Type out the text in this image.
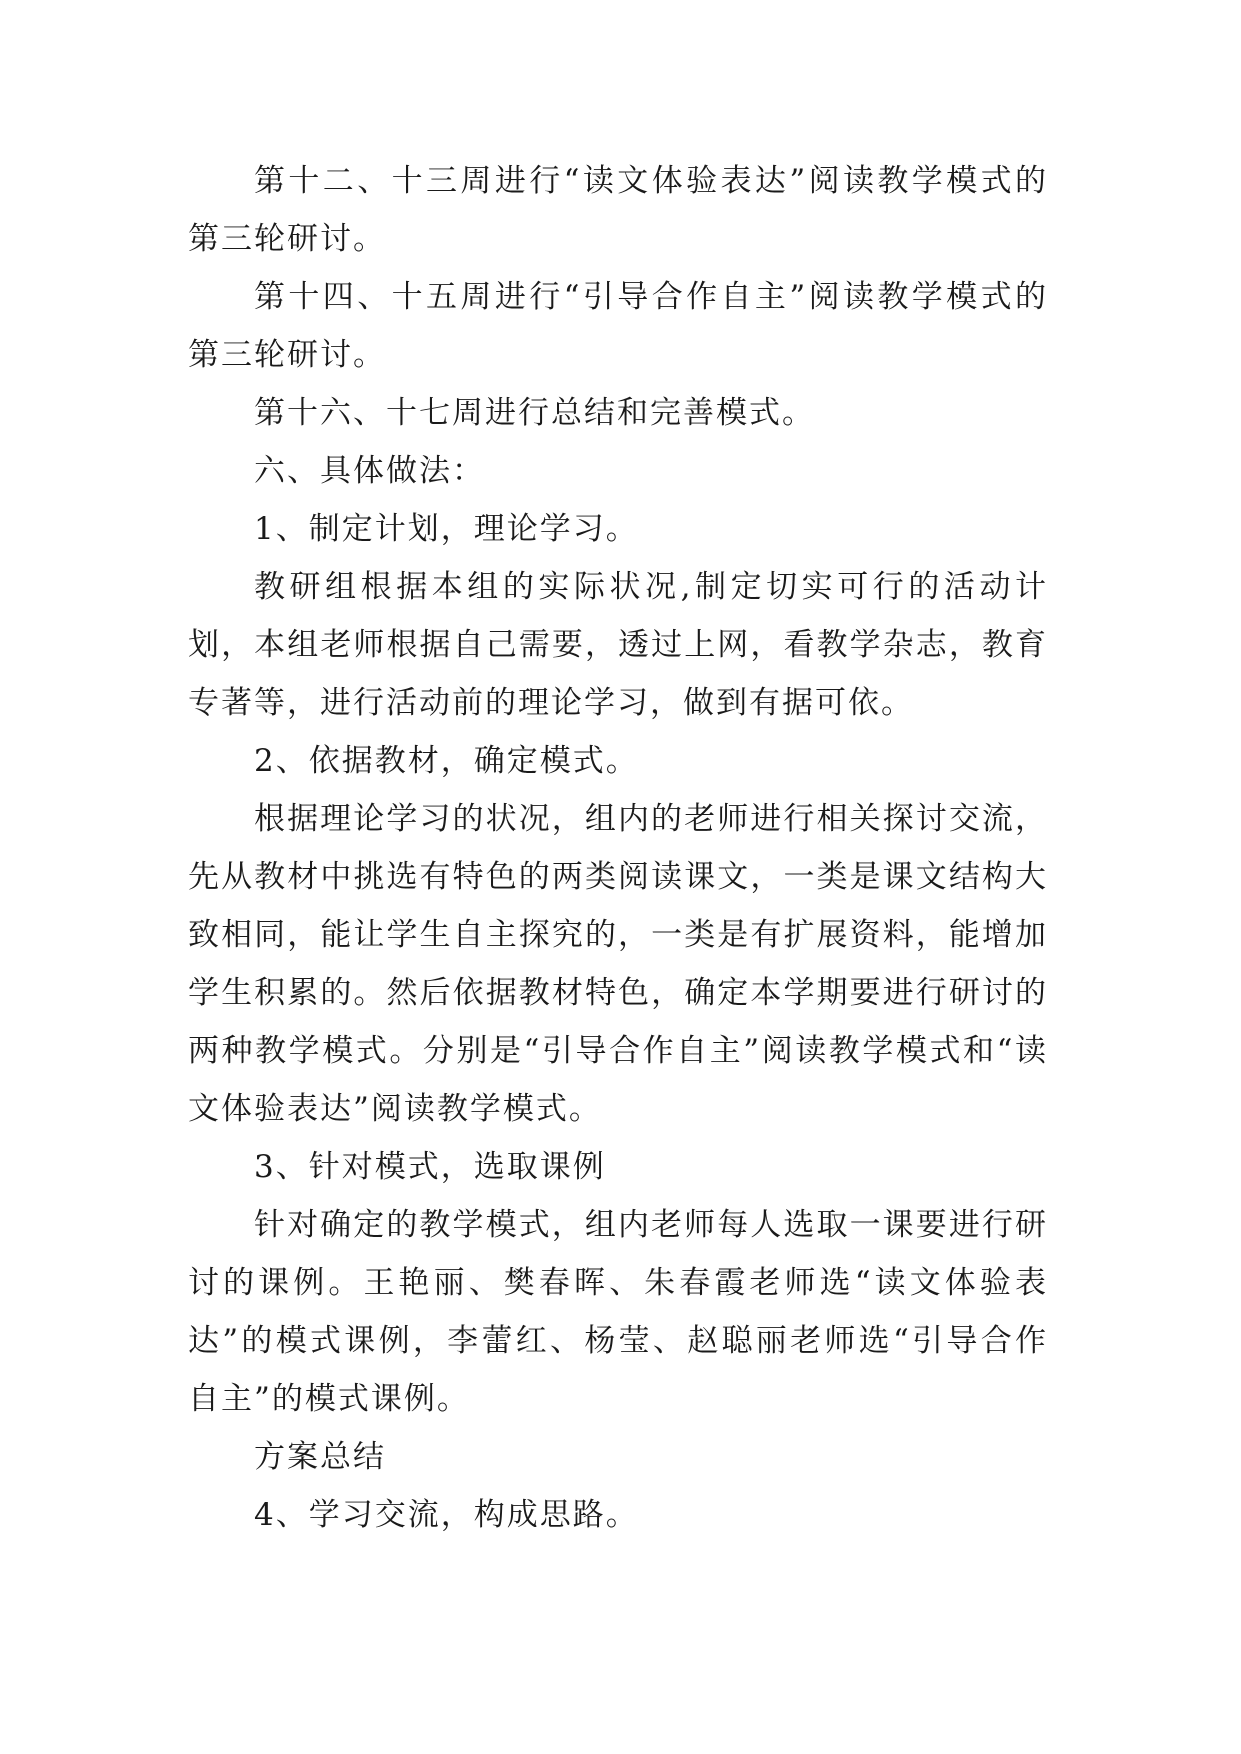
第十二、十三周进行“读文体验表达”阅读教学模式的第三轮研讨。

第十四、十五周进行“引导合作自主”阅读教学模式的第三轮研讨。

第十六、十七周进行总结和完善模式。

六、具体做法：

1、制定计划，理论学习。

教研组根据本组的实际状况,制定切实可行的活动计划，本组老师根据自己需要，透过上网，看教学杂志，教育专著等，进行活动前的理论学习，做到有据可依。

2、依据教材，确定模式。

根据理论学习的状况，组内的老师进行相关探讨交流，先从教材中挑选有特色的两类阅读课文，一类是课文结构大致相同，能让学生自主探究的，一类是有扩展资料，能增加学生积累的。然后依据教材特色，确定本学期要进行研讨的两种教学模式。分别是“引导合作自主”阅读教学模式和“读文体验表达”阅读教学模式。

3、针对模式，选取课例

针对确定的教学模式，组内老师每人选取一课要进行研讨的课例。王艳丽、樊春晖、朱春霞老师选“读文体验表达”的模式课例，李蕾红、杨莹、赵聪丽老师选“引导合作自主”的模式课例。

方案总结

4、学习交流，构成思路。
